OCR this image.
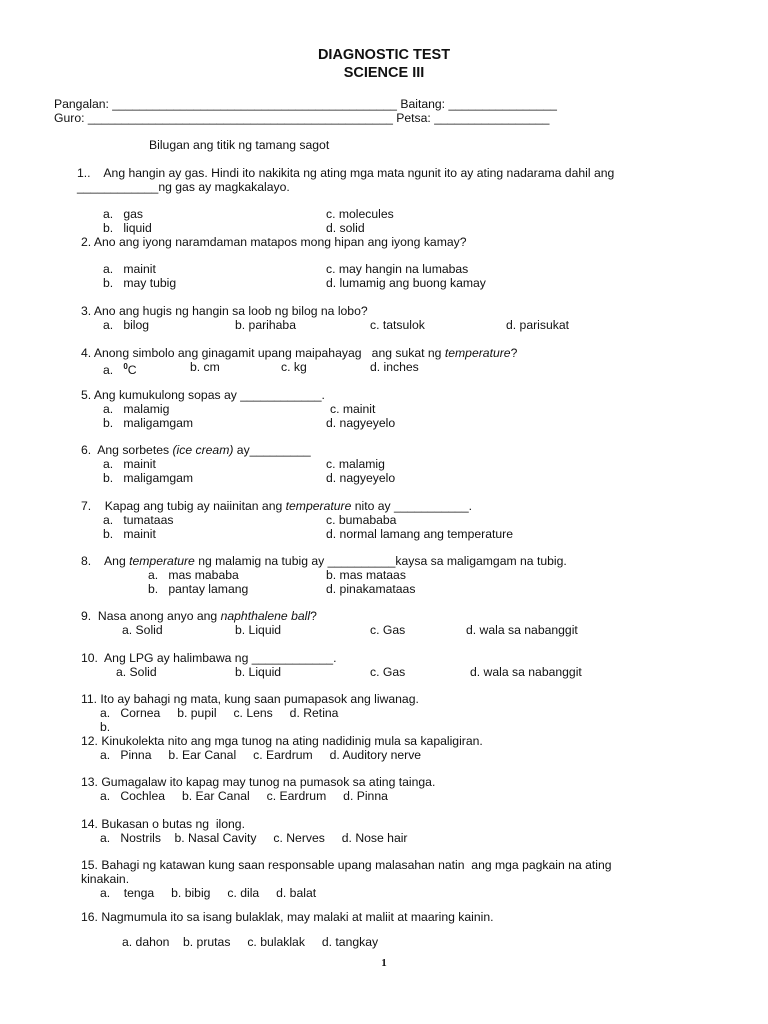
DIAGNOSTIC TEST
SCIENCE III
Pangalan: __________________________________________ Baitang: ________________
Guro: _____________________________________________ Petsa: _________________
Bilugan ang titik ng tamang sagot
1..    Ang hangin ay gas. Hindi ito nakikita ng ating mga mata ngunit ito ay ating nadarama dahil ang
____________ng gas ay magkakalayo.
a.   gas	c. molecules
b.   liquid	d. solid
2. Ano ang iyong naramdaman matapos mong hipan ang iyong kamay?
a.   mainit	c. may hangin na lumabas
b.   may tubig	d. lumamig ang buong kamay
3. Ano ang hugis ng hangin sa loob ng bilog na lobo?
a.   bilog	b. parihaba	c. tatsulok	d. parisukat
4. Anong simbolo ang ginagamit upang maipahayag   ang sukat ng temperature?
a.   $^0$C	b. cm	c. kg	d. inches
5. Ang kumukulong sopas ay ____________.
a.   malamig	c. mainit
b.   maligamgam	d. nagyeyelo
6.  Ang sorbetes (ice cream) ay_________
a.   mainit	c. malamig
b.   maligamgam	d. nagyeyelo
7.    Kapag ang tubig ay naiinitan ang temperature nito ay ___________.
a.   tumataas	c. bumababa
b.   mainit	d. normal lamang ang temperature
8.    Ang temperature ng malamig na tubig ay __________kaysa sa maligamgam na tubig.
a.   mas mababa	b. mas mataas
b.   pantay lamang	d. pinakamataas
9.  Nasa anong anyo ang naphthalene ball?
a. Solid	b. Liquid	c. Gas	d. wala sa nabanggit
10.  Ang LPG ay halimbawa ng ____________.
a. Solid	b. Liquid	c. Gas	d. wala sa nabanggit
11. Ito ay bahagi ng mata, kung saan pumapasok ang liwanag.
a.   Cornea     b. pupil     c. Lens     d. Retina
b.
12. Kinukolekta nito ang mga tunog na ating nadidinig mula sa kapaligiran.
a.   Pinna     b. Ear Canal     c. Eardrum     d. Auditory nerve
13. Gumagalaw ito kapag may tunog na pumasok sa ating tainga.
a.   Cochlea     b. Ear Canal     c. Eardrum     d. Pinna
14. Bukasan o butas ng  ilong.
a.   Nostrils    b. Nasal Cavity     c. Nerves     d. Nose hair
15. Bahagi ng katawan kung saan responsable upang malasahan natin  ang mga pagkain na ating
kinakain.
a.    tenga     b. bibig     c. dila     d. balat
16. Nagmumula ito sa isang bulaklak, may malaki at maliit at maaring kainin.
a. dahon    b. prutas     c. bulaklak     d. tangkay
1
